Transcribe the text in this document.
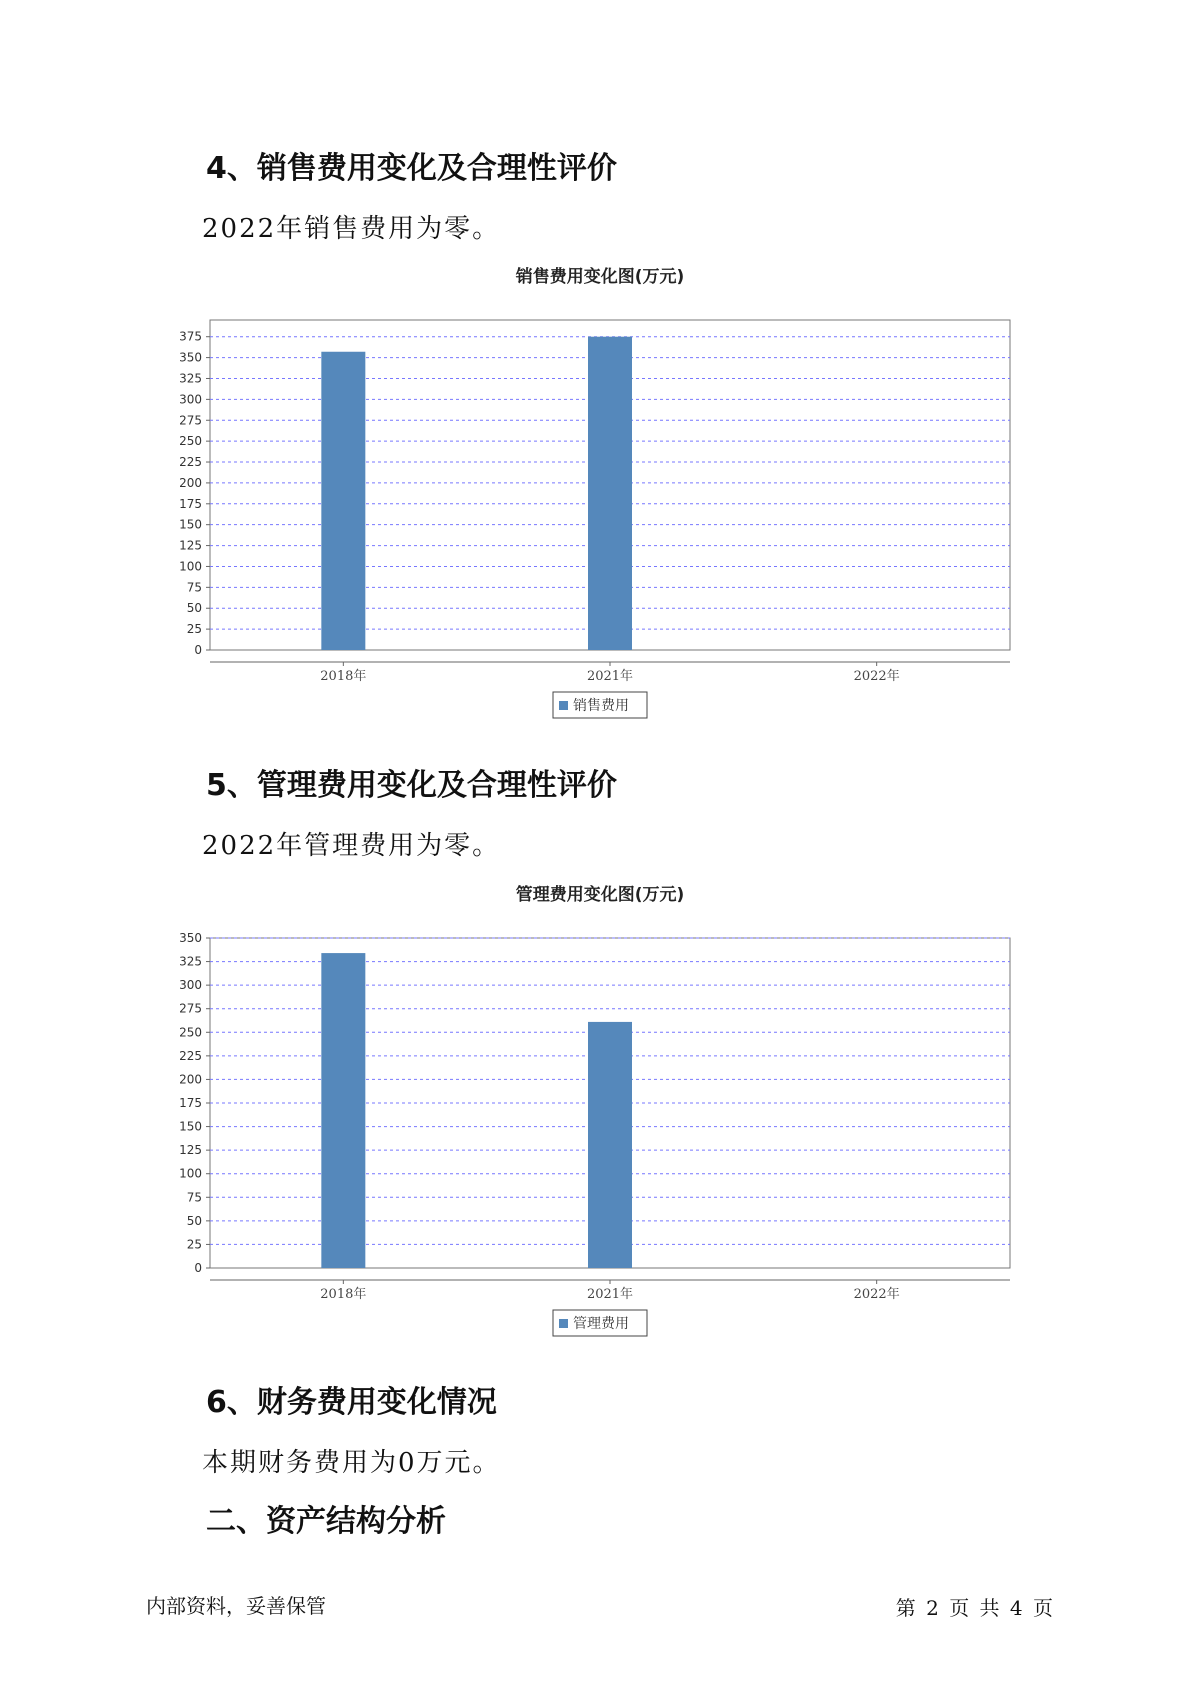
4、销售费用变化及合理性评价

2022年销售费用为零。

销售费用变化图(万元)
0
25
50
75
100
125
150
175
200
225
250
275
300
325
350
375
2018年	2021年	2022年
销售费用
5、管理费用变化及合理性评价

2022年管理费用为零。

管理费用变化图(万元)
0
25
50
75
100
125
150
175
200
225
250
275
300
325
350
2018年	2021年	2022年
管理费用
6、财务费用变化情况

本期财务费用为0万元。

二、资产结构分析

内部资料，妥善保管	第 2 页 共 4 页
